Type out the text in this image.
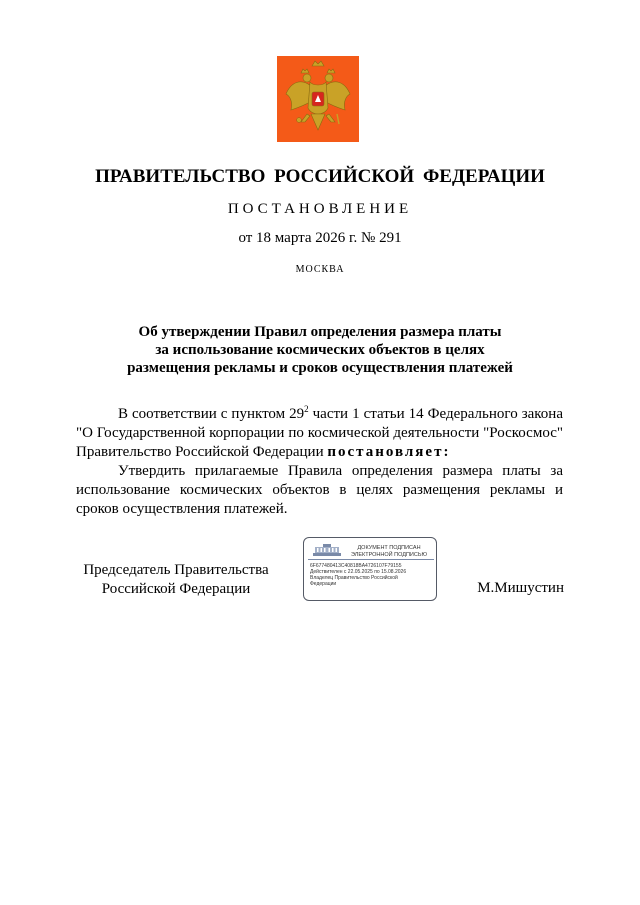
ПРАВИТЕЛЬСТВО РОССИЙСКОЙ ФЕДЕРАЦИИ
ПОСТАНОВЛЕНИЕ
от 18 марта 2026 г. № 291
МОСКВА
Об утверждении Правил определения размера платы
за использование космических объектов в целях
размещения рекламы и сроков осуществления платежей

В соответствии с пунктом $29^2$ части 1 статьи 14 Федерального закона "О Государственной корпорации по космической деятельности "Роскосмос" Правительство Российской Федерации постановляет:

Утвердить прилагаемые Правила определения размера платы за использование космических объектов в целях размещения рекламы и сроков осуществления платежей.

Председатель Правительства
Российской Федерации
ДОКУМЕНТ ПОДПИСАН
ЭЛЕКТРОННОЙ ПОДПИСЬЮ
6F677480413C40818BA4726107F79155
Действителен с 22.05.2025 по 15.08.2026
Владелец Правительство Российской
Федерации	М.Мишустин
